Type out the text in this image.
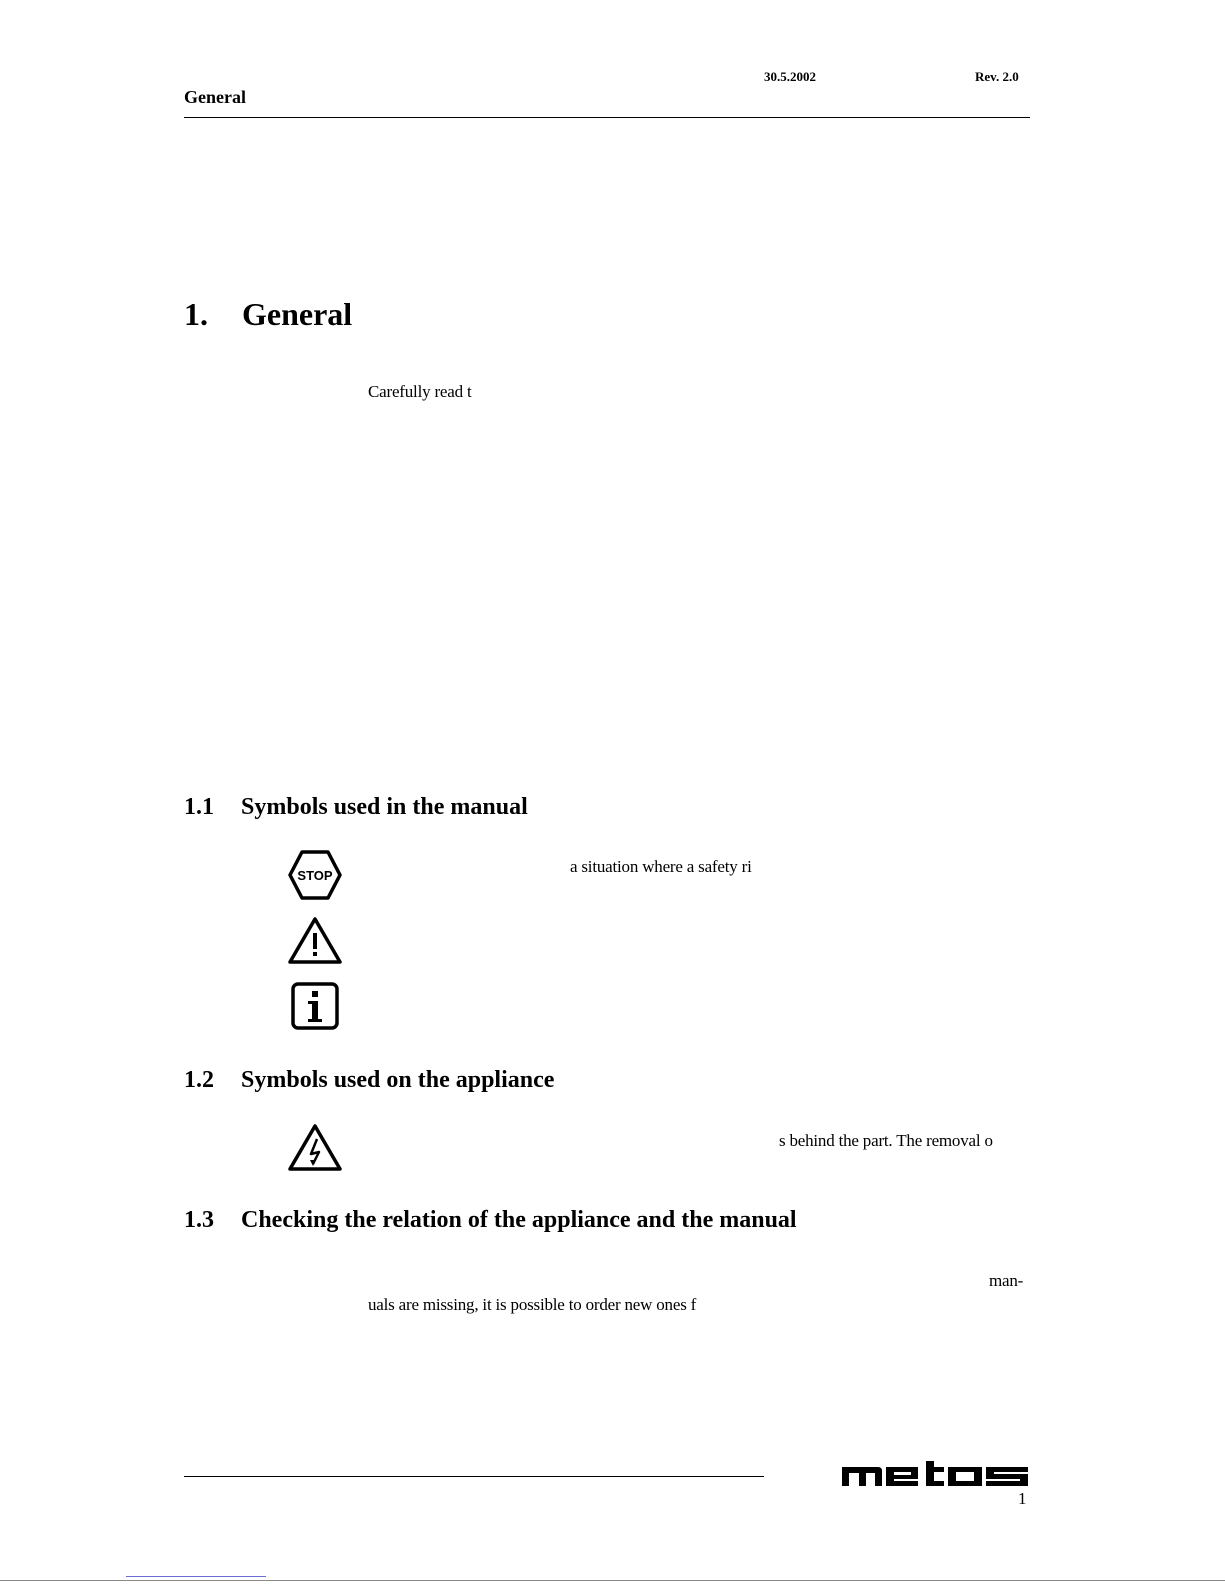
30.5.2002	Rev. 2.0
General
1. General
Carefully read t
1.1 Symbols used in the manual
STOP	a situation where a safety ri
1.2 Symbols used on the appliance
s behind the part. The removal o
1.3 Checking the relation of the appliance and the manual
man-
uals are missing, it is possible to order new ones f
1
